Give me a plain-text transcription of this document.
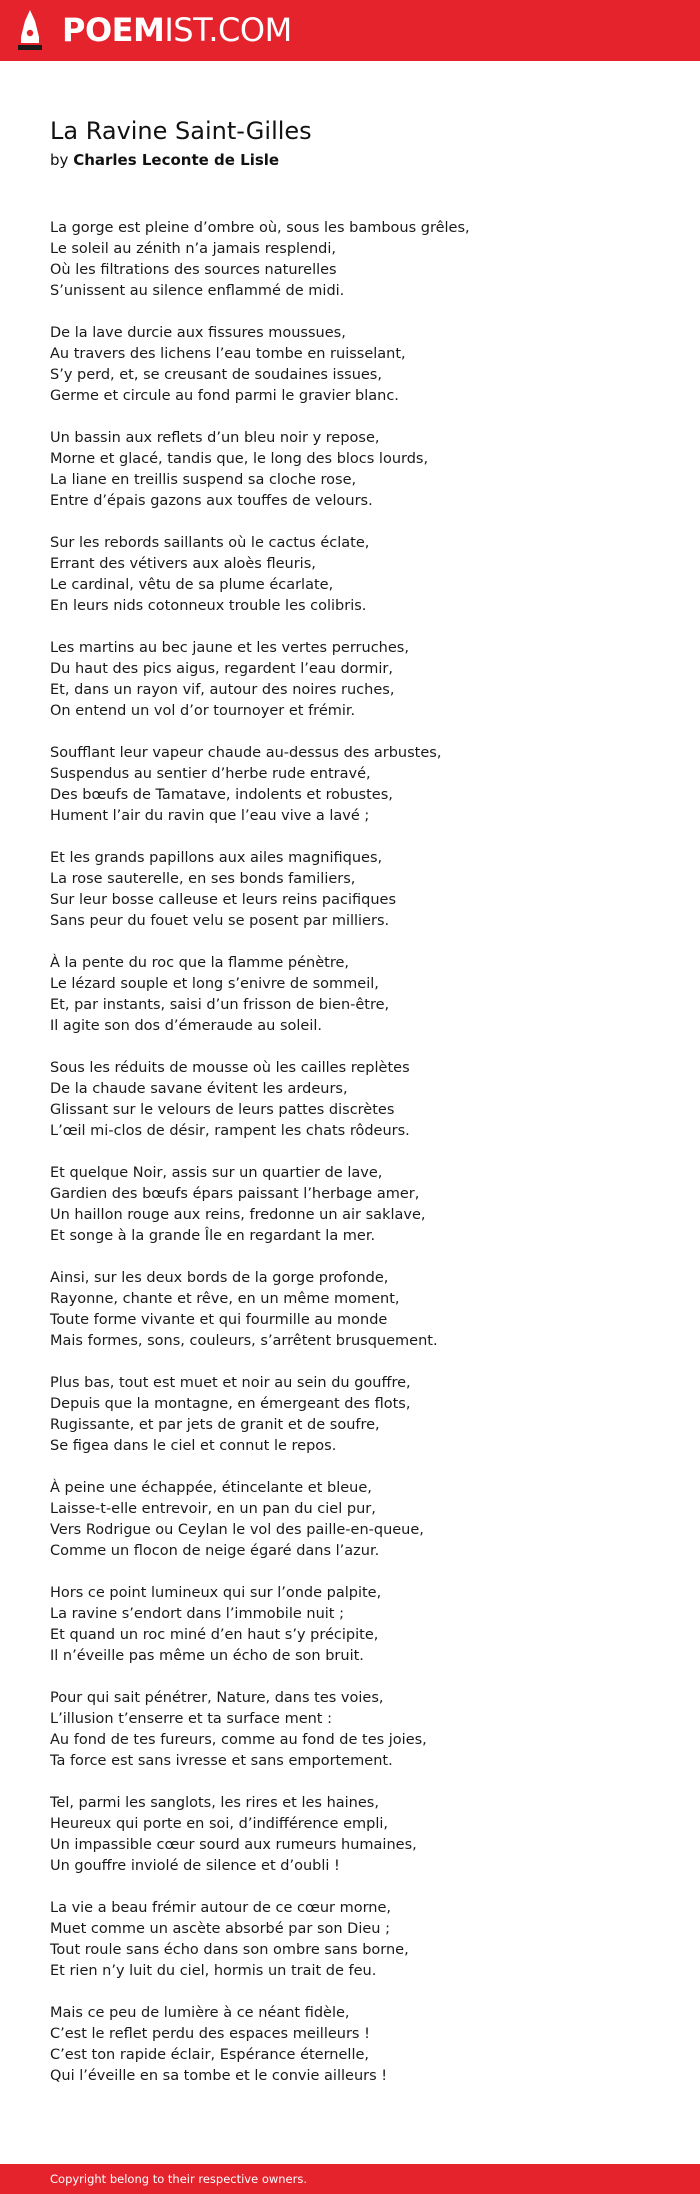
POEMIST.COM
La Ravine Saint-Gilles
by Charles Leconte de Lisle
La gorge est pleine d’ombre où, sous les bambous grêles,
Le soleil au zénith n’a jamais resplendi,
Où les filtrations des sources naturelles
S’unissent au silence enflammé de midi.
De la lave durcie aux fissures moussues,
Au travers des lichens l’eau tombe en ruisselant,
S’y perd, et, se creusant de soudaines issues,
Germe et circule au fond parmi le gravier blanc.
Un bassin aux reflets d’un bleu noir y repose,
Morne et glacé, tandis que, le long des blocs lourds,
La liane en treillis suspend sa cloche rose,
Entre d’épais gazons aux touffes de velours.
Sur les rebords saillants où le cactus éclate,
Errant des vétivers aux aloès fleuris,
Le cardinal, vêtu de sa plume écarlate,
En leurs nids cotonneux trouble les colibris.
Les martins au bec jaune et les vertes perruches,
Du haut des pics aigus, regardent l’eau dormir,
Et, dans un rayon vif, autour des noires ruches,
On entend un vol d’or tournoyer et frémir.
Soufflant leur vapeur chaude au-dessus des arbustes,
Suspendus au sentier d’herbe rude entravé,
Des bœufs de Tamatave, indolents et robustes,
Hument l’air du ravin que l’eau vive a lavé ;
Et les grands papillons aux ailes magnifiques,
La rose sauterelle, en ses bonds familiers,
Sur leur bosse calleuse et leurs reins pacifiques
Sans peur du fouet velu se posent par milliers.
À la pente du roc que la flamme pénètre,
Le lézard souple et long s’enivre de sommeil,
Et, par instants, saisi d’un frisson de bien-être,
Il agite son dos d’émeraude au soleil.
Sous les réduits de mousse où les cailles replètes
De la chaude savane évitent les ardeurs,
Glissant sur le velours de leurs pattes discrètes
L’œil mi-clos de désir, rampent les chats rôdeurs.
Et quelque Noir, assis sur un quartier de lave,
Gardien des bœufs épars paissant l’herbage amer,
Un haillon rouge aux reins, fredonne un air saklave,
Et songe à la grande Île en regardant la mer.
Ainsi, sur les deux bords de la gorge profonde,
Rayonne, chante et rêve, en un même moment,
Toute forme vivante et qui fourmille au monde
Mais formes, sons, couleurs, s’arrêtent brusquement.
Plus bas, tout est muet et noir au sein du gouffre,
Depuis que la montagne, en émergeant des flots,
Rugissante, et par jets de granit et de soufre,
Se figea dans le ciel et connut le repos.
À peine une échappée, étincelante et bleue,
Laisse-t-elle entrevoir, en un pan du ciel pur,
Vers Rodrigue ou Ceylan le vol des paille-en-queue,
Comme un flocon de neige égaré dans l’azur.
Hors ce point lumineux qui sur l’onde palpite,
La ravine s’endort dans l’immobile nuit ;
Et quand un roc miné d’en haut s’y précipite,
Il n’éveille pas même un écho de son bruit.
Pour qui sait pénétrer, Nature, dans tes voies,
L’illusion t’enserre et ta surface ment :
Au fond de tes fureurs, comme au fond de tes joies,
Ta force est sans ivresse et sans emportement.
Tel, parmi les sanglots, les rires et les haines,
Heureux qui porte en soi, d’indifférence empli,
Un impassible cœur sourd aux rumeurs humaines,
Un gouffre inviolé de silence et d’oubli !
La vie a beau frémir autour de ce cœur morne,
Muet comme un ascète absorbé par son Dieu ;
Tout roule sans écho dans son ombre sans borne,
Et rien n’y luit du ciel, hormis un trait de feu.
Mais ce peu de lumière à ce néant fidèle,
C’est le reflet perdu des espaces meilleurs !
C’est ton rapide éclair, Espérance éternelle,
Qui l’éveille en sa tombe et le convie ailleurs !
Copyright belong to their respective owners.
